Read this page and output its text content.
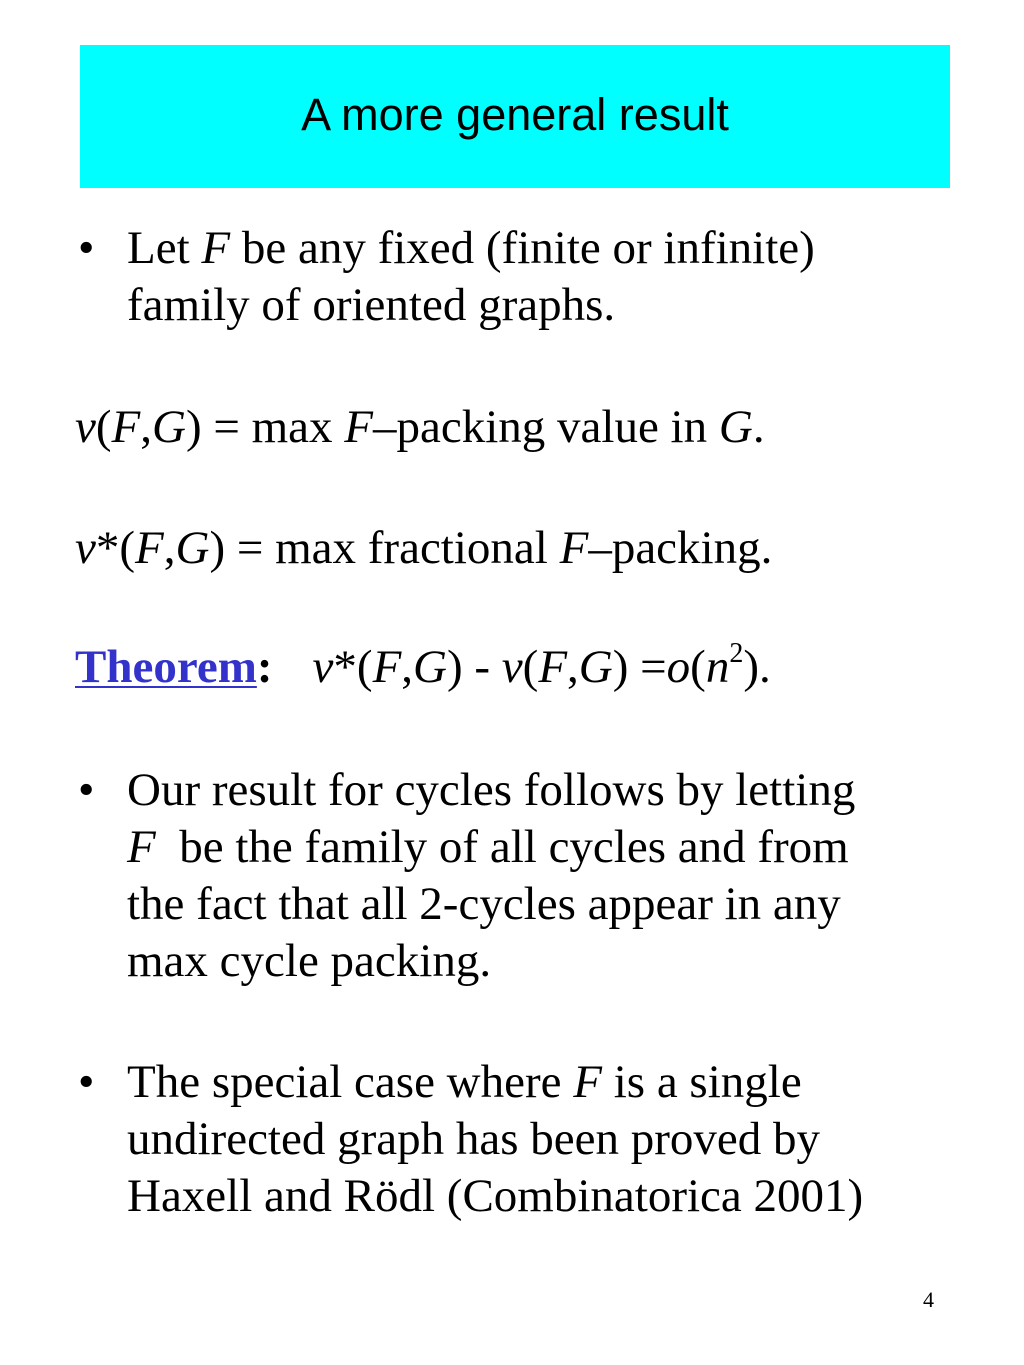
A more general result
• Let F be any fixed (finite or infinite)
family of oriented graphs.
v(F,G) = max F–packing value in G.
v*(F,G) = max fractional F–packing.
Theorem: $v*(F,G) - v(F,G) =o(n^2)$.
• Our result for cycles follows by letting
F  be the family of all cycles and from
the fact that all 2-cycles appear in any
max cycle packing.
• The special case where F is a single
undirected graph has been proved by
Haxell and Rödl (Combinatorica 2001)
4
